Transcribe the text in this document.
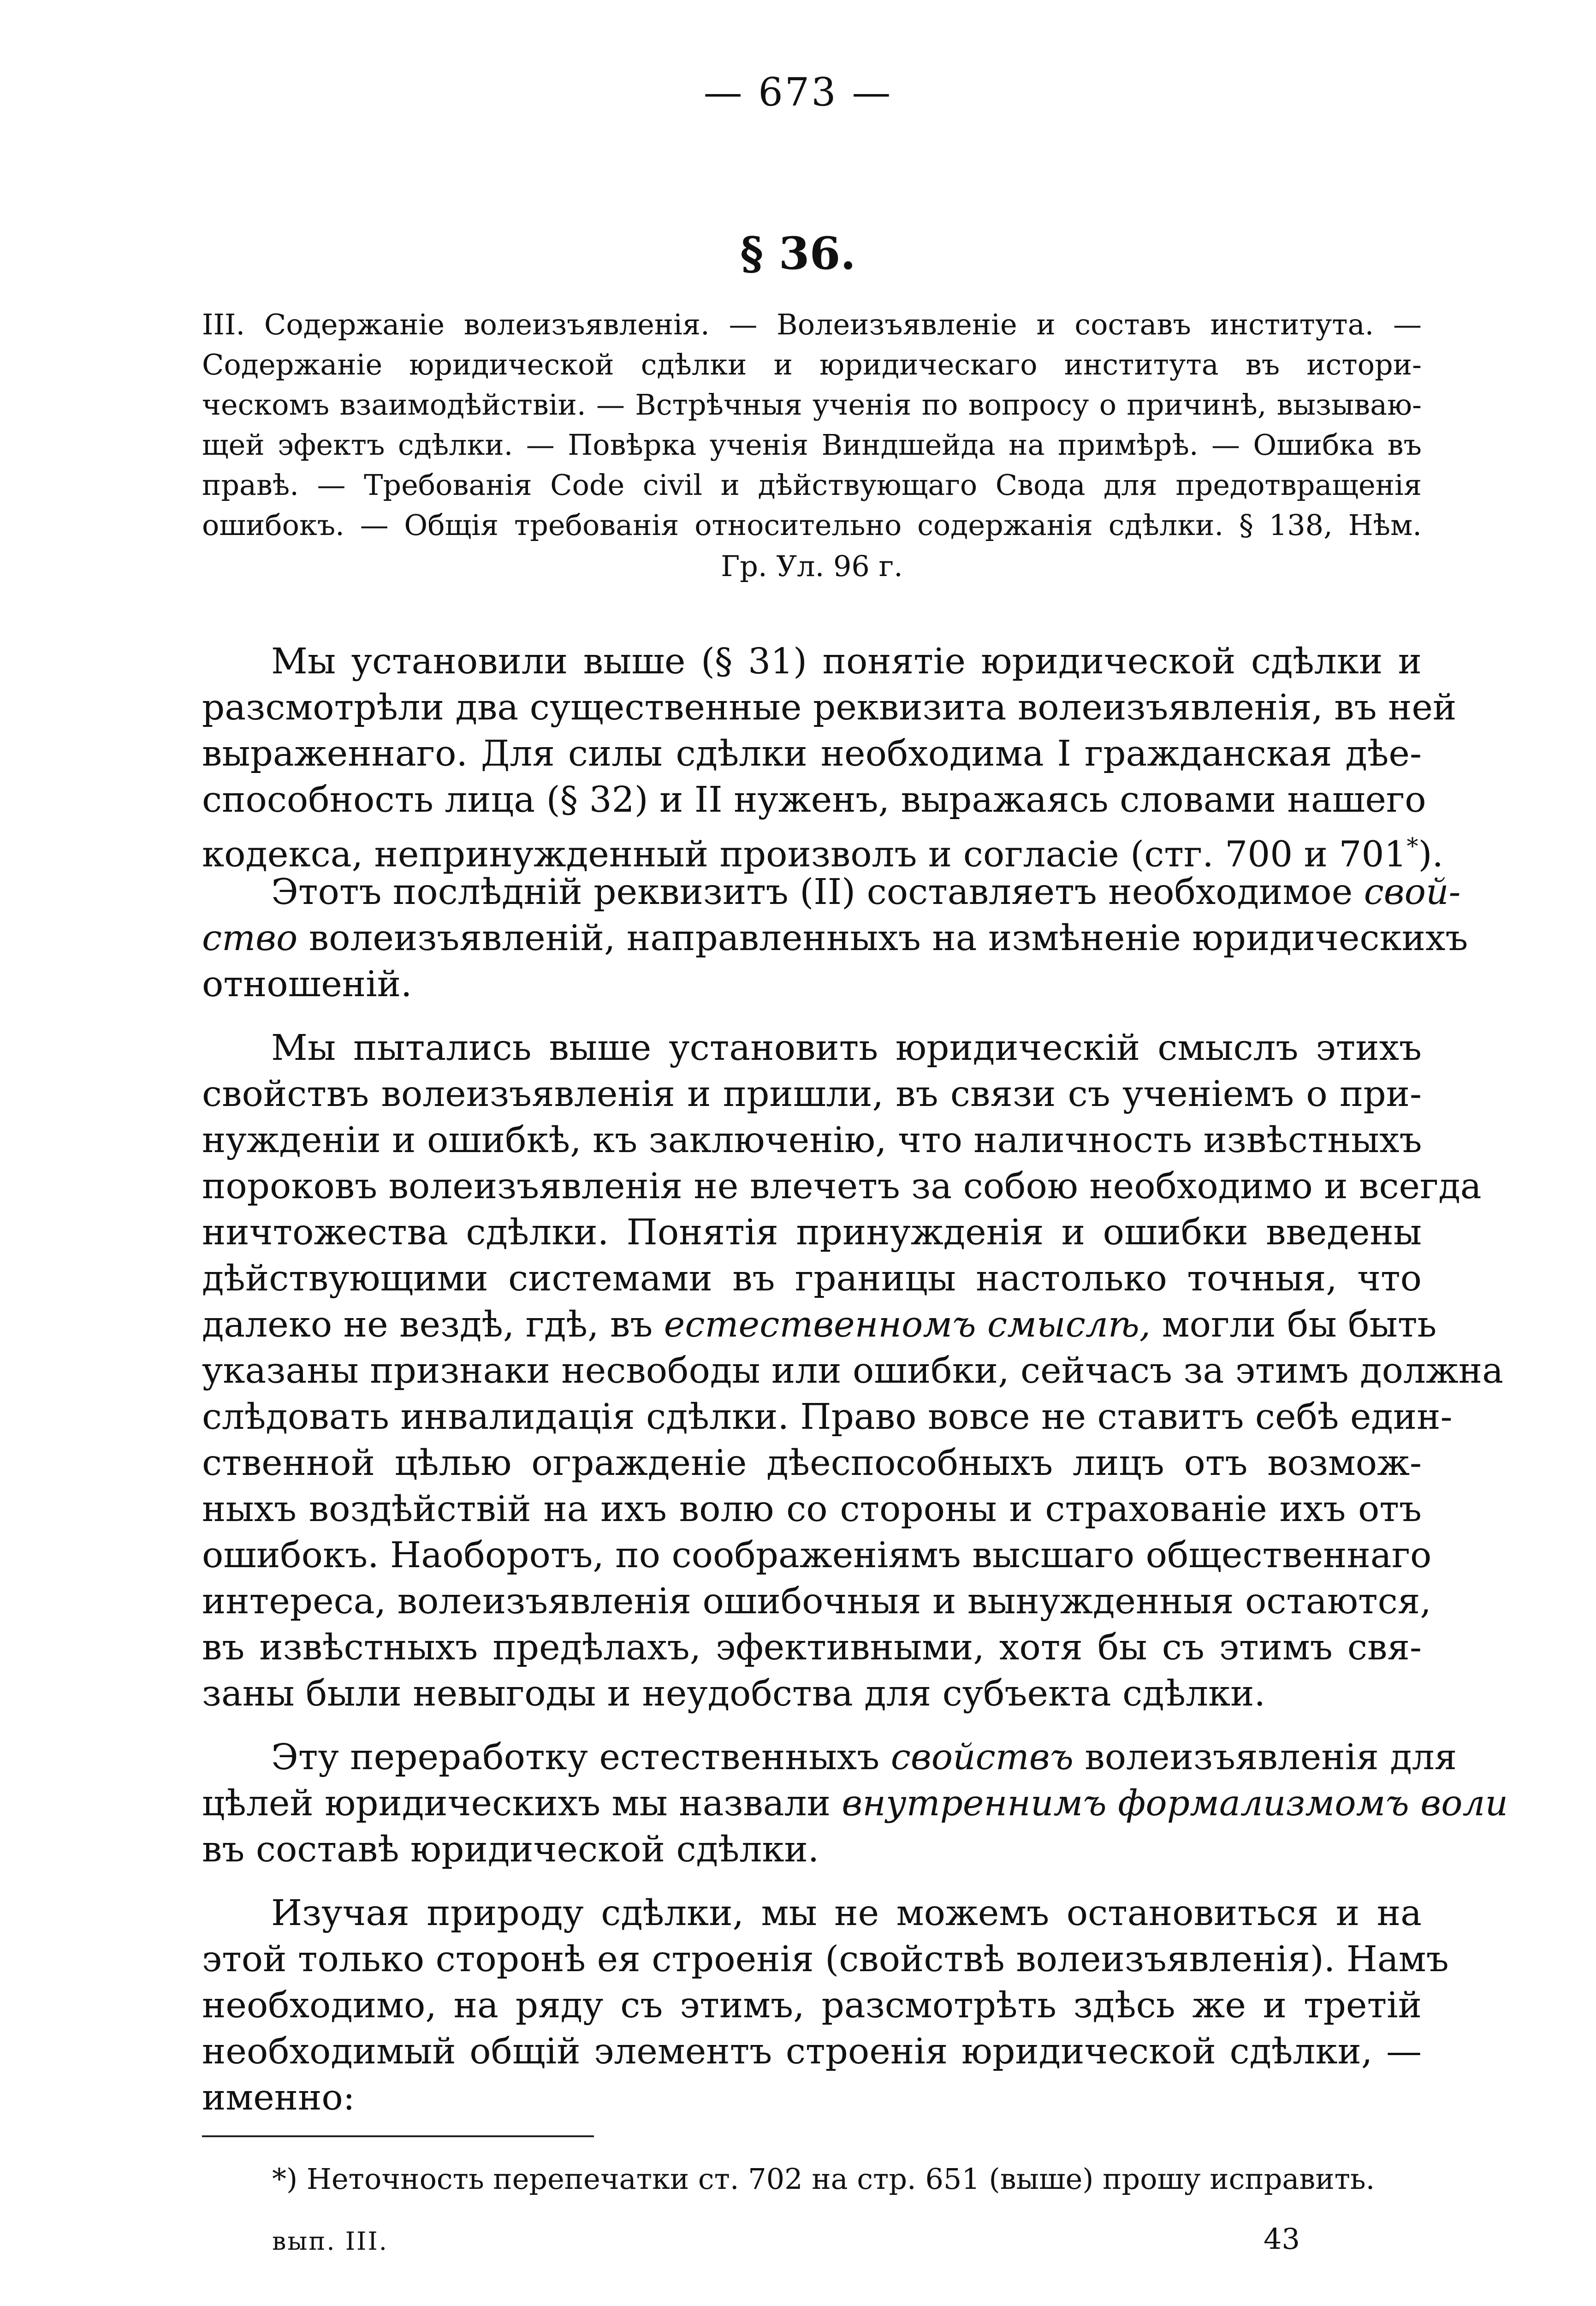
— 673 —
§ 36.
III. Содержаніе волеизъявленія. — Волеизъявленіе и составъ института. —
Содержаніе юридической сдѣлки и юридическаго института въ истори-
ческомъ взаимодѣйствіи. — Встрѣчныя ученія по вопросу о причинѣ, вызываю-
щей эфектъ сдѣлки. — Повѣрка ученія Виндшейда на примѣрѣ. — Ошибка въ
правѣ. — Требованія Code civil и дѣйствующаго Свода для предотвращенія
ошибокъ. — Общія требованія относительно содержанія сдѣлки. § 138, Нѣм.
Гр. Ул. 96 г.
Мы установили выше (§ 31) понятіе юридической сдѣлки и
разсмотрѣли два существенные реквизита волеизъявленія, въ ней
выраженнаго. Для силы сдѣлки необходима I гражданская дѣе-
способность лица (§ 32) и II нуженъ, выражаясь словами нашего
кодекса, непринужденный произволъ и согласіе (стг. 700 и 701*).
Этотъ послѣдній реквизитъ (II) составляетъ необходимое свой-
ство волеизъявленій, направленныхъ на измѣненіе юридическихъ
отношеній.
Мы пытались выше установить юридическій смыслъ этихъ
свойствъ волеизъявленія и пришли, въ связи съ ученіемъ о при-
нужденіи и ошибкѣ, къ заключенію, что наличность извѣстныхъ
пороковъ волеизъявленія не влечетъ за собою необходимо и всегда
ничтожества сдѣлки. Понятія принужденія и ошибки введены
дѣйствующими системами въ границы настолько точныя, что
далеко не вездѣ, гдѣ, въ естественномъ смыслѣ, могли бы быть
указаны признаки несвободы или ошибки, сейчасъ за этимъ должна
слѣдовать инвалидація сдѣлки. Право вовсе не ставитъ себѣ един-
ственной цѣлью огражденіе дѣеспособныхъ лицъ отъ возмож-
ныхъ воздѣйствій на ихъ волю со стороны и страхованіе ихъ отъ
ошибокъ. Наоборотъ, по соображеніямъ высшаго общественнаго
интереса, волеизъявленія ошибочныя и вынужденныя остаются,
въ извѣстныхъ предѣлахъ, эфективными, хотя бы съ этимъ свя-
заны были невыгоды и неудобства для субъекта сдѣлки.
Эту переработку естественныхъ свойствъ волеизъявленія для
цѣлей юридическихъ мы назвали внутреннимъ формализмомъ воли
въ составѣ юридической сдѣлки.
Изучая природу сдѣлки, мы не можемъ остановиться и на
этой только сторонѣ ея строенія (свойствѣ волеизъявленія). Намъ
необходимо, на ряду съ этимъ, разсмотрѣть здѣсь же и третій
необходимый общій элементъ строенія юридической сдѣлки, —
именно:
*) Неточность перепечатки ст. 702 на стр. 651 (выше) прошу исправить.
вып. III.	43
